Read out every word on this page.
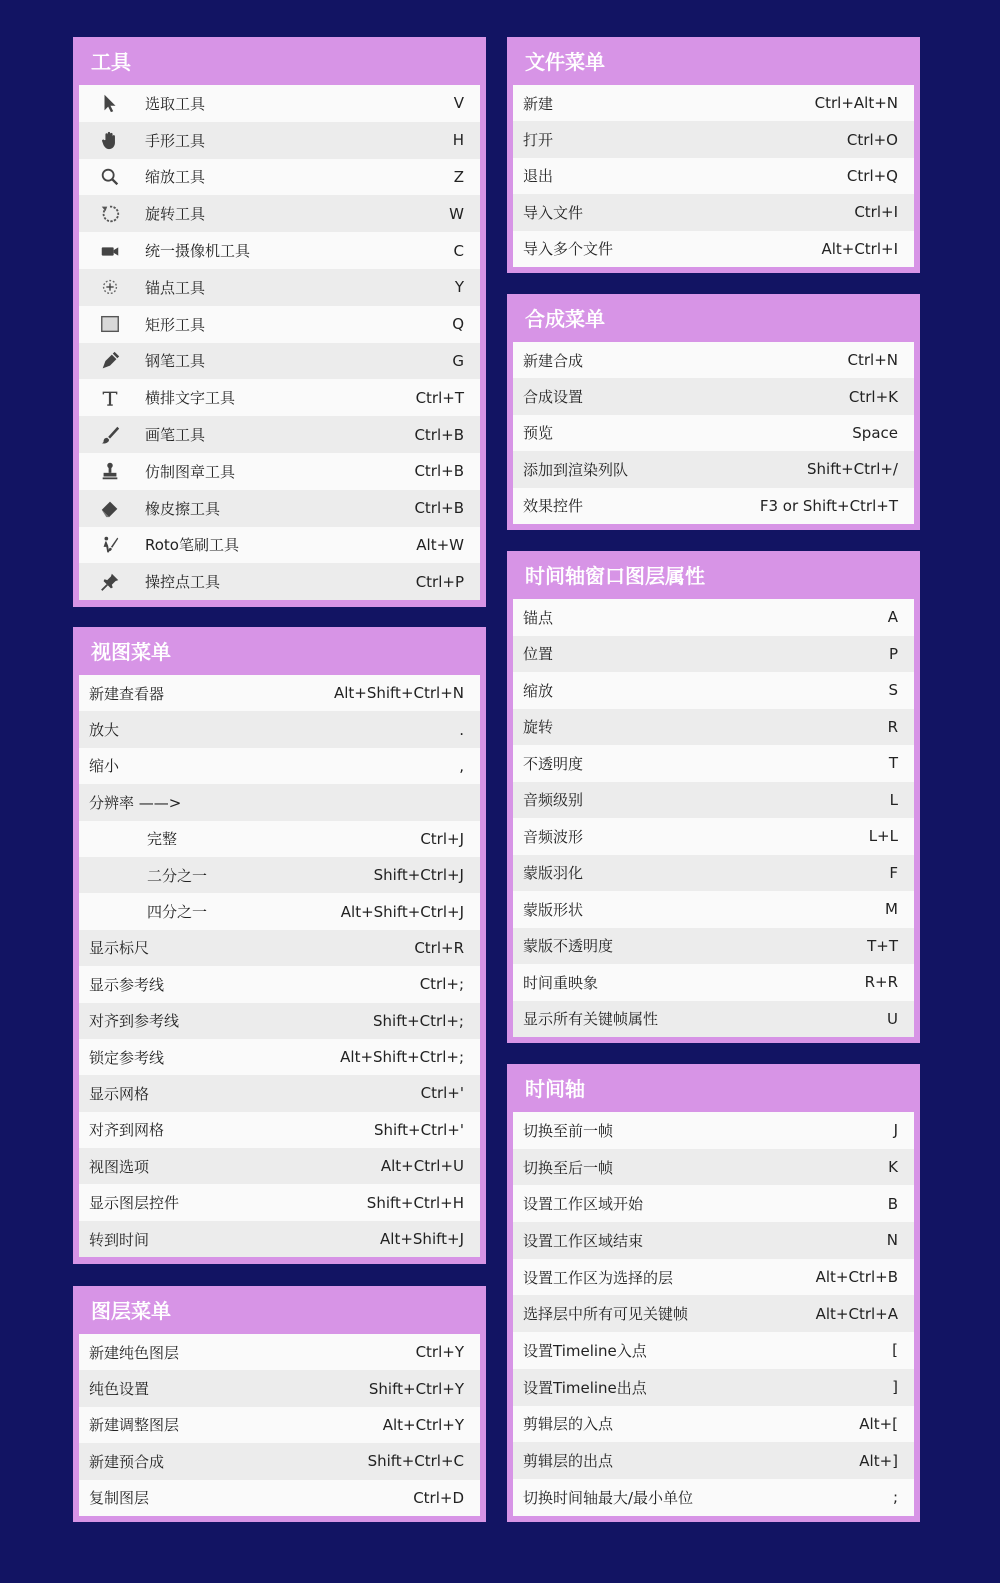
工具
选取工具	V
手形工具	H
缩放工具	Z
旋转工具	W
统一摄像机工具	C
锚点工具	Y
矩形工具	Q
钢笔工具	G
横排文字工具	Ctrl+T
画笔工具	Ctrl+B
仿制图章工具	Ctrl+B
橡皮擦工具	Ctrl+B
Roto笔刷工具	Alt+W
操控点工具	Ctrl+P
视图菜单
新建查看器	Alt+Shift+Ctrl+N
放大	.
缩小	,
分辨率 ——>
完整	Ctrl+J
二分之一	Shift+Ctrl+J
四分之一	Alt+Shift+Ctrl+J
显示标尺	Ctrl+R
显示参考线	Ctrl+;
对齐到参考线	Shift+Ctrl+;
锁定参考线	Alt+Shift+Ctrl+;
显示网格	Ctrl+'
对齐到网格	Shift+Ctrl+'
视图选项	Alt+Ctrl+U
显示图层控件	Shift+Ctrl+H
转到时间	Alt+Shift+J
图层菜单
新建纯色图层	Ctrl+Y
纯色设置	Shift+Ctrl+Y
新建调整图层	Alt+Ctrl+Y
新建预合成	Shift+Ctrl+C
复制图层	Ctrl+D
文件菜单
新建	Ctrl+Alt+N
打开	Ctrl+O
退出	Ctrl+Q
导入文件	Ctrl+I
导入多个文件	Alt+Ctrl+I
合成菜单
新建合成	Ctrl+N
合成设置	Ctrl+K
预览	Space
添加到渲染列队	Shift+Ctrl+/
效果控件	F3 or Shift+Ctrl+T
时间轴窗口图层属性
锚点	A
位置	P
缩放	S
旋转	R
不透明度	T
音频级别	L
音频波形	L+L
蒙版羽化	F
蒙版形状	M
蒙版不透明度	T+T
时间重映象	R+R
显示所有关键帧属性	U
时间轴
切换至前一帧	J
切换至后一帧	K
设置工作区域开始	B
设置工作区域结束	N
设置工作区为选择的层	Alt+Ctrl+B
选择层中所有可见关键帧	Alt+Ctrl+A
设置Timeline入点	[
设置Timeline出点	]
剪辑层的入点	Alt+[
剪辑层的出点	Alt+]
切换时间轴最大/最小单位	;
